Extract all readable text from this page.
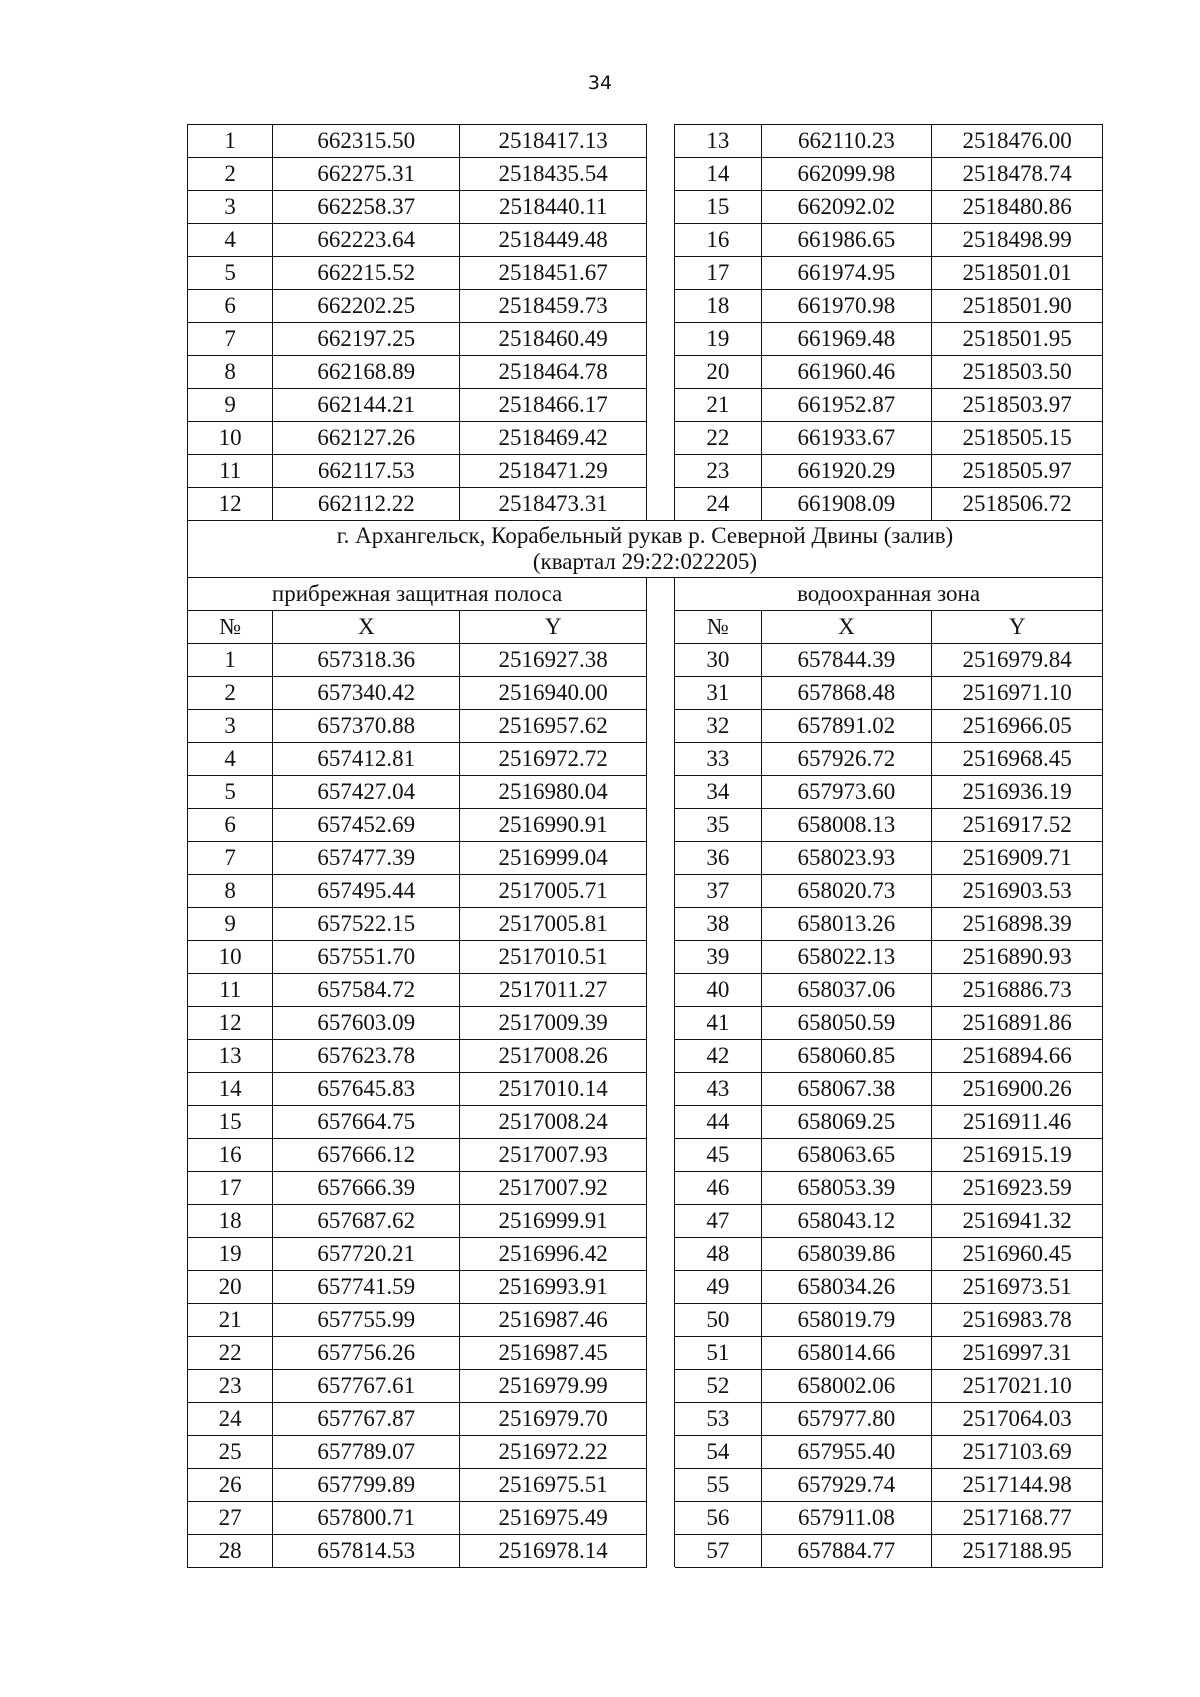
34
1	662315.50	2518417.13		13	662110.23	2518476.00
2	662275.31	2518435.54		14	662099.98	2518478.74
3	662258.37	2518440.11		15	662092.02	2518480.86
4	662223.64	2518449.48		16	661986.65	2518498.99
5	662215.52	2518451.67		17	661974.95	2518501.01
6	662202.25	2518459.73		18	661970.98	2518501.90
7	662197.25	2518460.49		19	661969.48	2518501.95
8	662168.89	2518464.78		20	661960.46	2518503.50
9	662144.21	2518466.17		21	661952.87	2518503.97
10	662127.26	2518469.42		22	661933.67	2518505.15
11	662117.53	2518471.29		23	661920.29	2518505.97
12	662112.22	2518473.31		24	661908.09	2518506.72

г. Архангельск, Корабельный рукав р. Северной Двины (залив)
(квартал 29:22:022205)						

прибрежная защитная полоса				водоохранная зона		
№	X	Y		№	X	Y
1	657318.36	2516927.38		30	657844.39	2516979.84
2	657340.42	2516940.00		31	657868.48	2516971.10
3	657370.88	2516957.62		32	657891.02	2516966.05
4	657412.81	2516972.72		33	657926.72	2516968.45
5	657427.04	2516980.04		34	657973.60	2516936.19
6	657452.69	2516990.91		35	658008.13	2516917.52
7	657477.39	2516999.04		36	658023.93	2516909.71
8	657495.44	2517005.71		37	658020.73	2516903.53
9	657522.15	2517005.81		38	658013.26	2516898.39
10	657551.70	2517010.51		39	658022.13	2516890.93
11	657584.72	2517011.27		40	658037.06	2516886.73
12	657603.09	2517009.39		41	658050.59	2516891.86
13	657623.78	2517008.26		42	658060.85	2516894.66
14	657645.83	2517010.14		43	658067.38	2516900.26
15	657664.75	2517008.24		44	658069.25	2516911.46
16	657666.12	2517007.93		45	658063.65	2516915.19
17	657666.39	2517007.92		46	658053.39	2516923.59
18	657687.62	2516999.91		47	658043.12	2516941.32
19	657720.21	2516996.42		48	658039.86	2516960.45
20	657741.59	2516993.91		49	658034.26	2516973.51
21	657755.99	2516987.46		50	658019.79	2516983.78
22	657756.26	2516987.45		51	658014.66	2516997.31
23	657767.61	2516979.99		52	658002.06	2517021.10
24	657767.87	2516979.70		53	657977.80	2517064.03
25	657789.07	2516972.22		54	657955.40	2517103.69
26	657799.89	2516975.51		55	657929.74	2517144.98
27	657800.71	2516975.49		56	657911.08	2517168.77
28	657814.53	2516978.14		57	657884.77	2517188.95
